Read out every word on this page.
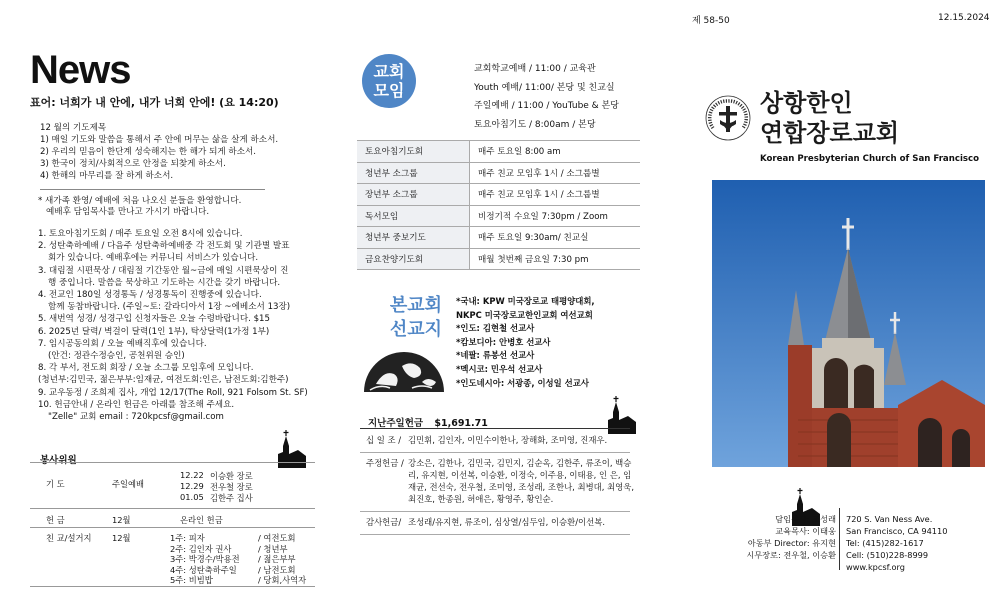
제 58-50	12.15.2024
News
표어: 너희가 내 안에, 내가 너희 안에! (요 14:20)
12 월의 기도제목
1) 매일 기도와 말씀을 통해서 주 안에 머무는 삶을 살게 하소서.
2) 우리의 믿음이 한단계 성숙해지는 한 해가 되게 하소서.
3) 한국이 정치/사회적으로 안정을 되찾게 하소서.
4) 한해의 마무리를 잘 하게 하소서.
* 새가족 환영/ 예배에 처음 나오신 분들을 환영합니다.
예배후 담임목사를 만나고 가시기 바랍니다.
1. 토요아침기도회 / 매주 토요일 오전 8시에 있습니다.
2. 성탄축하예배 / 다음주 성탄축하예배중 각 전도회 및 기관별 발표
회가 있습니다. 예배후에는 커뮤니티 서비스가 있습니다.
3. 대림절 시편묵상 / 대림절 기간동안 월~금에 매일 시편묵상이 진
행 중입니다. 말씀을 묵상하고 기도하는 시간을 갖기 바랍니다.
4. 전교인 180일 성경통독 / 성경통독이 진행중에 있습니다.
함께 동참바랍니다. (주일~토: 갈라디아서 1장 ~에베소서 13장)
5. 새번역 성경/ 성경구입 신청자들은 오늘 수령바랍니다. $15
6. 2025년 달력/ 벽걸이 달력(1인 1부), 탁상달력(1가정 1부)
7. 임시공동의회 / 오늘 예배직후에 있습니다.
(안건: 정관수정승인, 공천위원 승인)
8. 각 부서, 전도회 회장 / 오늘 소그룹 모임후에 모입니다.
(청년부:김민국, 젊은부부:임재균, 여전도회:인은, 남전도회:김한주)
9. 교우동정 / 조희제 집사, 개업 12/17(The Roll, 921 Folsom St. SF)
10. 헌금안내 / 온라인 헌금은 아래를 참조해 주세요.
"Zelle" 교회 email : 720kpcsf@gmail.com
봉사위원
기 도	주일예배
12.22 이승환 장로
12.29 전우철 장로
01.05 김한주 집사
헌 금	12월	온라인 헌금
친 교/설거지 12월	1주: 피자	/ 여전도회
2주: 김인자 권사	/ 청년부
3주: 박경수/박용전 / 젊은부부
4주: 성탄축하주일	/ 남전도회
5주: 비빔밥	/ 당회,사역자
교회
모임
교회학교예배 / 11:00 / 교육관
Youth 예배/ 11:00/ 본당 및 친교실
주일예배 / 11:00 / YouTube & 본당
토요아침기도 / 8:00am / 본당
토요아침기도회	매주 토요일 8:00 am
청년부 소그룹	매주 친교 모임후 1시 / 소그룹별
장년부 소그룹	매주 친교 모임후 1시 / 소그룹별
독서모임	비정기적 수요일 7:30pm / Zoom
청년부 중보기도	매주 토요일 9:30am/ 친교실
금요찬양기도회	매월 첫번째 금요일 7:30 pm
본교회
선교지
*국내: KPW 미국장로교 태평양대회,
NKPC 미국장로교한인교회 여선교회
*인도: 김현철 선교사
*캄보디아: 안병호 선교사
*네팔: 류봉선 선교사
*멕시코: 민우석 선교사
*인도네시아: 서광종, 이성일 선교사
지난주일헌금 $1,691.71
십 일 조 / 김민휘, 김인자, 이민수이한나, 장해화, 조미영, 진재우.
주정헌금 / 강소은, 김한나, 김민국, 김민지, 김순옥, 김한주, 류조이, 백승리, 유지현, 이선복, 이승환, 이정숙, 이주용, 이태용, 인 은, 임재균, 전선숙, 전우철, 조미영, 조성래, 조한나, 최병대, 최영욱, 최진호, 한종원, 허애은, 황영주, 황인순.
감사헌금/ 조성래/유지현, 류조이, 심상열/심두임, 이승환/이선복.
상항한인
연합장로교회
Korean Presbyterian Church of San Francisco
담임목사: 조성래
교육목사: 이태웅
아동부 Director: 유지현
시무장로: 전우철, 이승환
720 S. Van Ness Ave.
San Francisco, CA 94110
Tel: (415)282-1617
Cell: (510)228-8999
www.kpcsf.org
